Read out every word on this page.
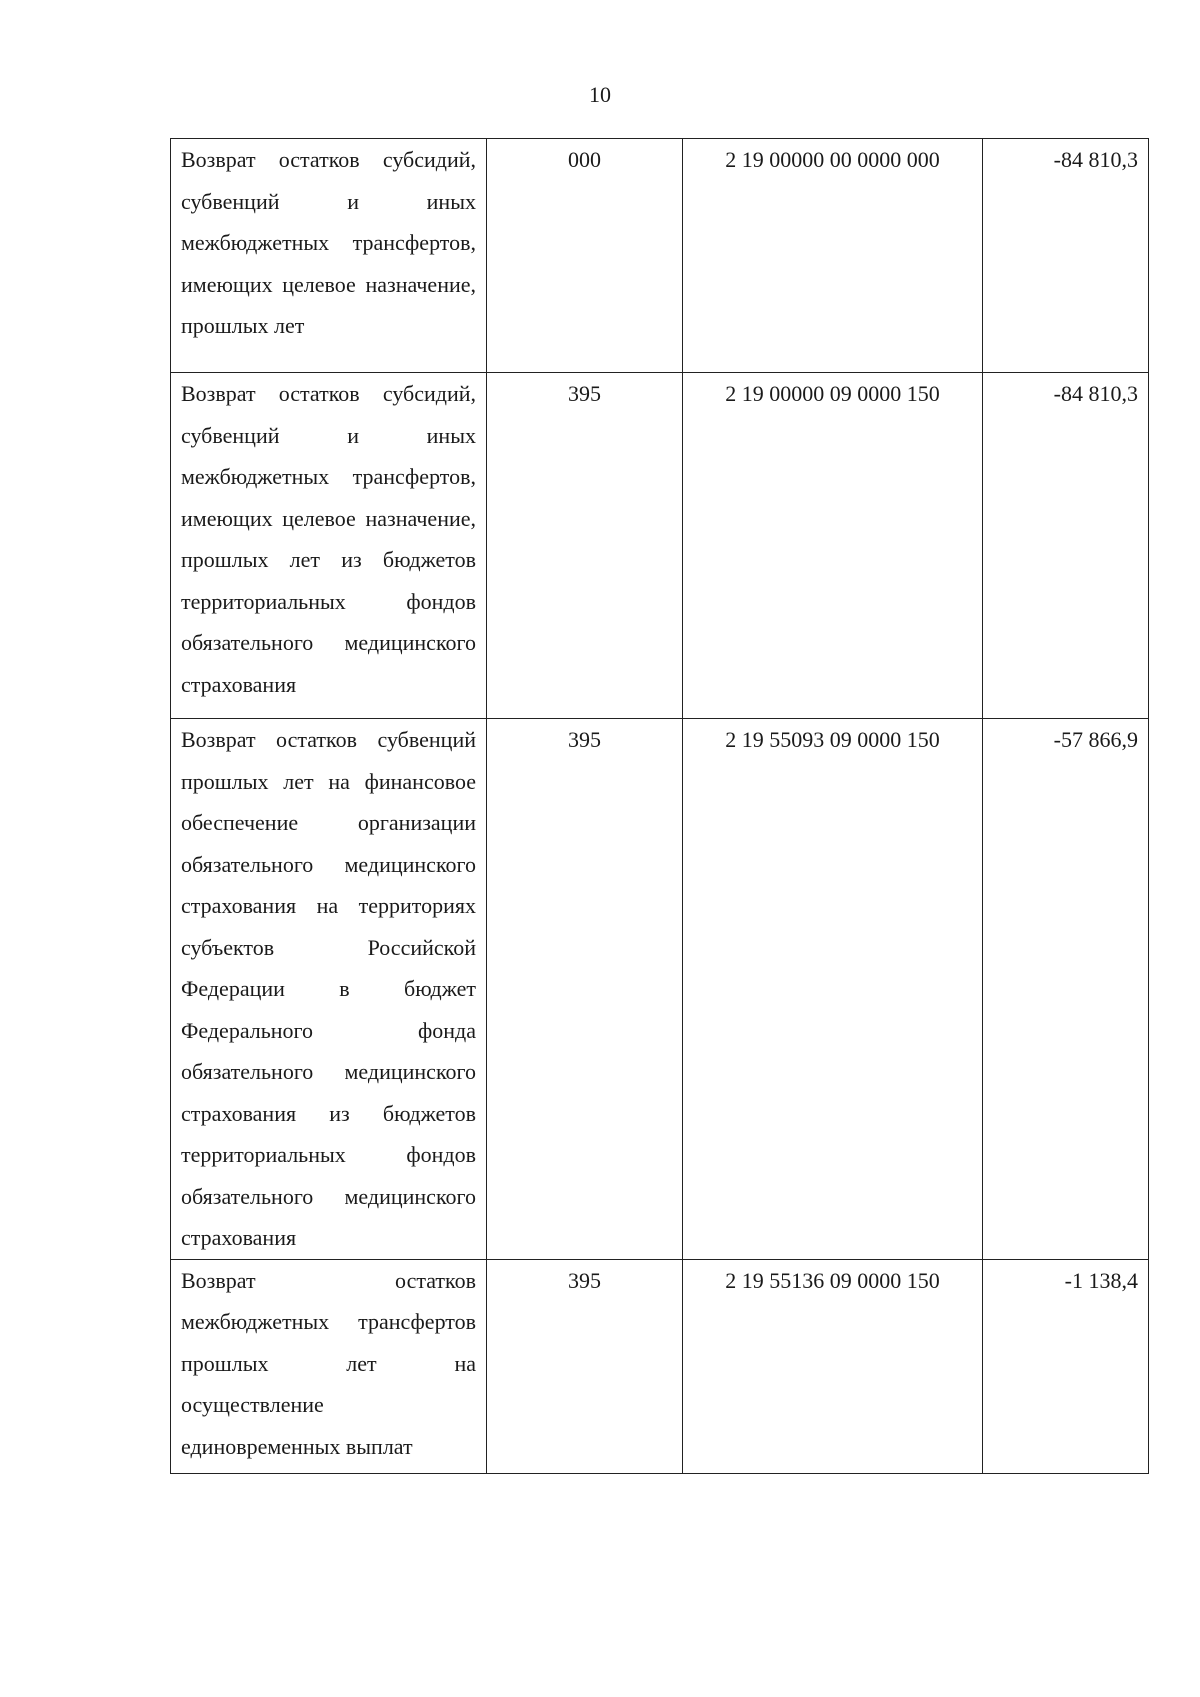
10
Возврат остатков субсидий, субвенций и иных межбюджетных трансфертов, имеющих целевое назначение, прошлых лет	000	2 19 00000 00 0000 000	-84 810,3
Возврат остатков субсидий, субвенций и иных межбюджетных трансфертов, имеющих целевое назначение, прошлых лет из бюджетов территориальных фондов обязательного медицинского страхования	395	2 19 00000 09 0000 150	-84 810,3
Возврат остатков субвенций прошлых лет на финансовое обеспечение организации обязательного медицинского страхования на территориях субъектов Российской Федерации в бюджет Федерального фонда обязательного медицинского страхования из бюджетов территориальных фондов обязательного медицинского страхования	395	2 19 55093 09 0000 150	-57 866,9
Возврат остатков межбюджетных трансфертов прошлых лет на осуществление единовременных выплат	395	2 19 55136 09 0000 150	-1 138,4
